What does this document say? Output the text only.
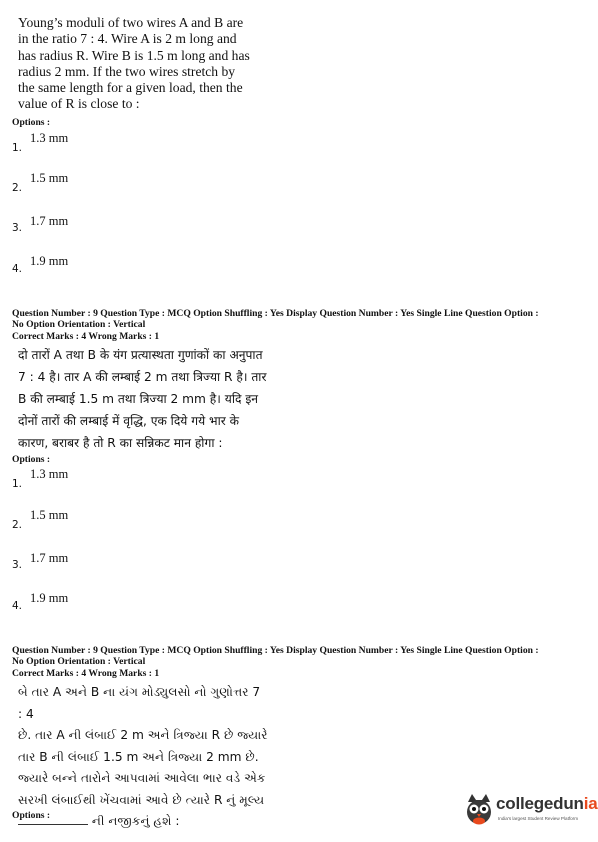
Young’s moduli of two wires A and B are
in the ratio 7 : 4. Wire A is 2 m long and
has radius R. Wire B is 1.5 m long and has
radius 2 mm. If the two wires stretch by
the same length for a given load, then the
value of R is close to :
Options :
1.
1.3 mm
2.
1.5 mm
3. 1.7 mm
4.
1.9 mm
Question Number : 9 Question Type : MCQ Option Shuffling : Yes Display Question Number : Yes Single Line Question Option :
No Option Orientation : Vertical
Correct Marks : 4 Wrong Marks : 1
दो तारों A तथा B के यंग प्रत्यास्थता गुणांकों का अनुपात
7 : 4 है। तार A की लम्बाई 2 m तथा त्रिज्या R है। तार
B की लम्बाई 1.5 m तथा त्रिज्या 2 mm है। यदि इन
दोनों तारों की लम्बाई में वृद्धि, एक दिये गये भार के
कारण, बराबर है तो R का सन्निकट मान होगा :
Options :
1.
1.3 mm
2.
1.5 mm
3. 1.7 mm
4.
1.9 mm
Question Number : 9 Question Type : MCQ Option Shuffling : Yes Display Question Number : Yes Single Line Question Option :
No Option Orientation : Vertical
Correct Marks : 4 Wrong Marks : 1
બે તાર A અને B ના યંગ મોડ્યુલસો નો ગુણોત્તર 7 : 4
છે. તાર A ની લંબાઈ 2 m અને ત્રિજ્યા R છે જ્યારે
તાર B ની લંબાઈ 1.5 m અને ત્રિજ્યા 2 mm છે.
જ્યારે બન્ને તારોને આપવામાં આવેલા ભાર વડે એક
સરખી લંબાઈથી ખેંચવામાં આવે છે ત્યારે R નું મૂલ્ય
ની નજીકનું હશે :
Options :
collegedunia
India's largest Student Review Platform
